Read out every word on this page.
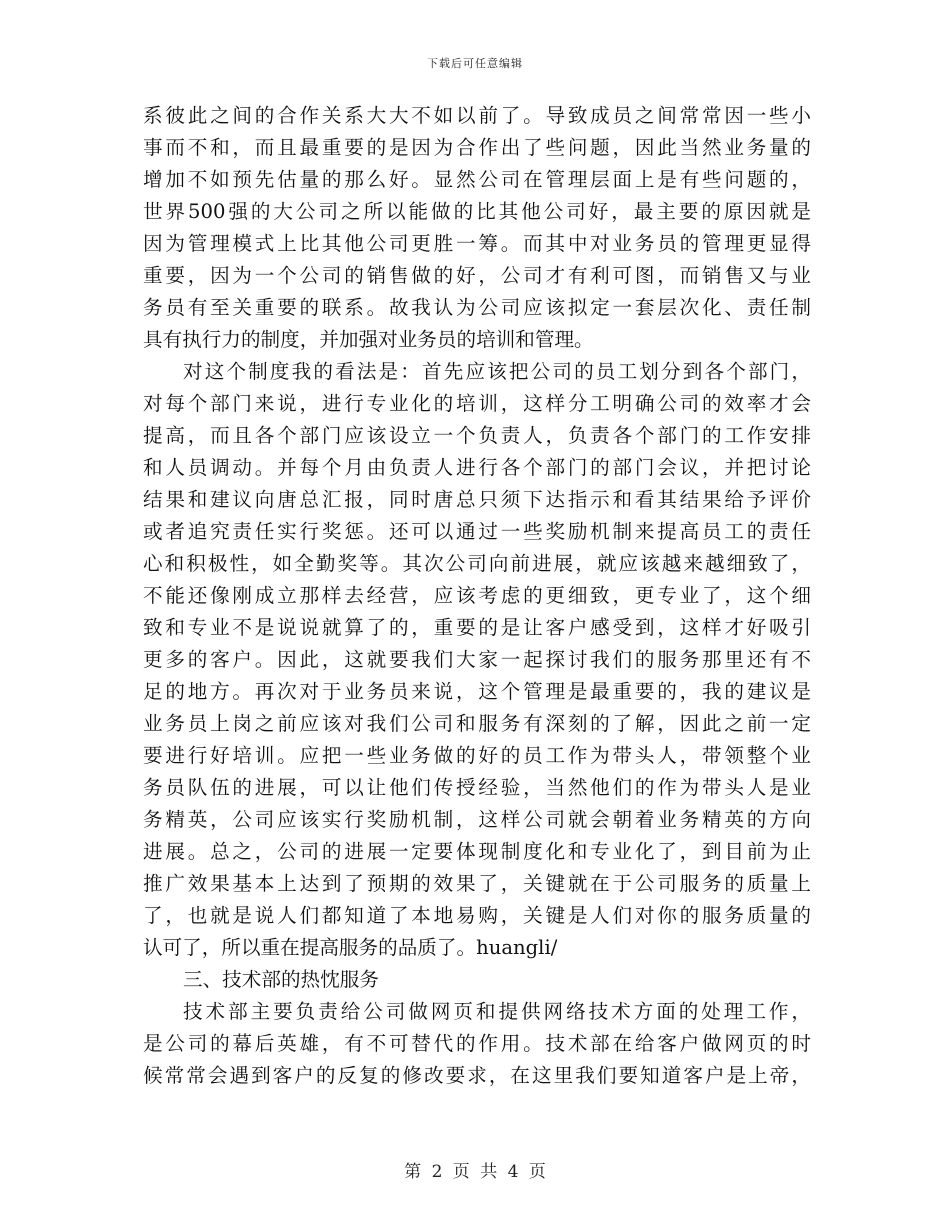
下载后可任意编辑
系彼此之间的合作关系大大不如以前了。导致成员之间常常因一些小
事而不和，而且最重要的是因为合作出了些问题，因此当然业务量的
增加不如预先估量的那么好。显然公司在管理层面上是有些问题的，
世界500强的大公司之所以能做的比其他公司好，最主要的原因就是
因为管理模式上比其他公司更胜一筹。而其中对业务员的管理更显得
重要，因为一个公司的销售做的好，公司才有利可图，而销售又与业
务员有至关重要的联系。故我认为公司应该拟定一套层次化、责任制
具有执行力的制度，并加强对业务员的培训和管理。
对这个制度我的看法是：首先应该把公司的员工划分到各个部门，
对每个部门来说，进行专业化的培训，这样分工明确公司的效率才会
提高，而且各个部门应该设立一个负责人，负责各个部门的工作安排
和人员调动。并每个月由负责人进行各个部门的部门会议，并把讨论
结果和建议向唐总汇报，同时唐总只须下达指示和看其结果给予评价
或者追究责任实行奖惩。还可以通过一些奖励机制来提高员工的责任
心和积极性，如全勤奖等。其次公司向前进展，就应该越来越细致了，
不能还像刚成立那样去经营，应该考虑的更细致，更专业了，这个细
致和专业不是说说就算了的，重要的是让客户感受到，这样才好吸引
更多的客户。因此，这就要我们大家一起探讨我们的服务那里还有不
足的地方。再次对于业务员来说，这个管理是最重要的，我的建议是
业务员上岗之前应该对我们公司和服务有深刻的了解，因此之前一定
要进行好培训。应把一些业务做的好的员工作为带头人，带领整个业
务员队伍的进展，可以让他们传授经验，当然他们的作为带头人是业
务精英，公司应该实行奖励机制，这样公司就会朝着业务精英的方向
进展。总之，公司的进展一定要体现制度化和专业化了，到目前为止
推广效果基本上达到了预期的效果了，关键就在于公司服务的质量上
了，也就是说人们都知道了本地易购，关键是人们对你的服务质量的
认可了，所以重在提高服务的品质了。huangli/
三、技术部的热忱服务
技术部主要负责给公司做网页和提供网络技术方面的处理工作，
是公司的幕后英雄，有不可替代的作用。技术部在给客户做网页的时
候常常会遇到客户的反复的修改要求，在这里我们要知道客户是上帝，
第 2 页 共 4 页
